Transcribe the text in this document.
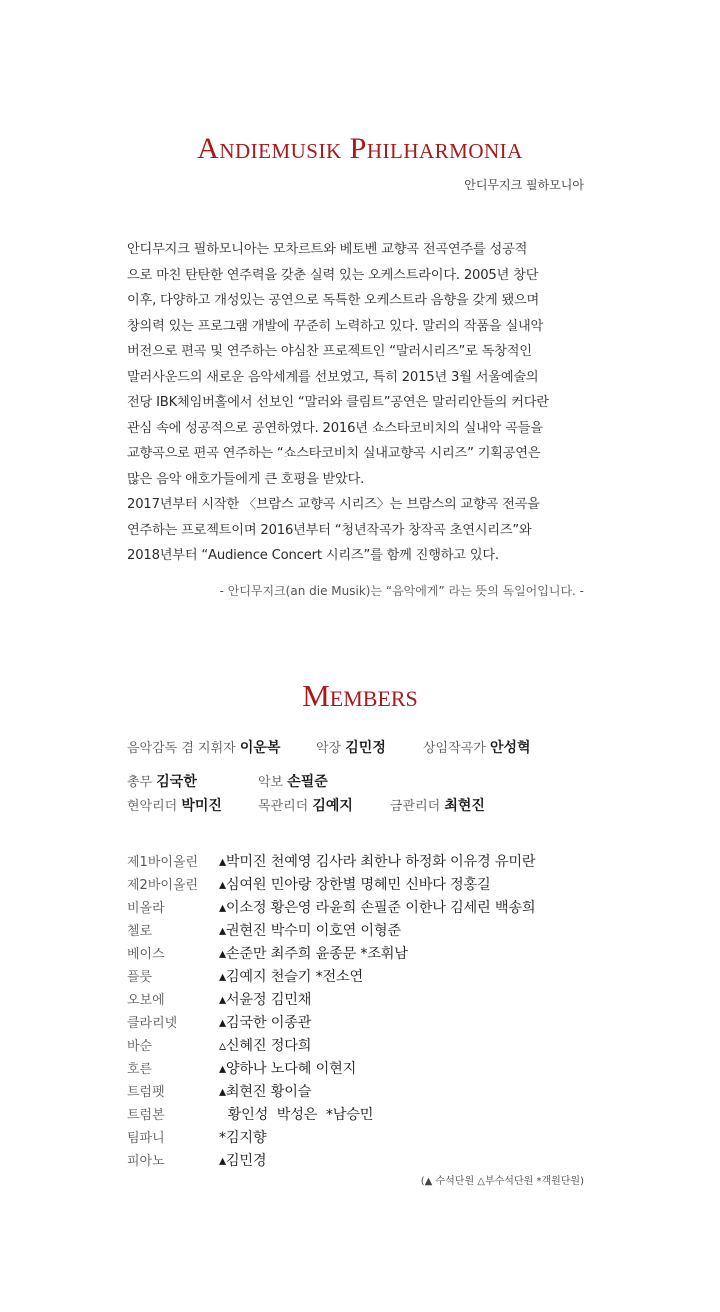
Andiemusik Philharmonia
안디무지크 필하모니아

안디무지크 필하모니아는 모차르트와 베토벤 교향곡 전곡연주를 성공적

으로 마친 탄탄한 연주력을 갖춘 실력 있는 오케스트라이다. 2005년 창단

이후, 다양하고 개성있는 공연으로 독특한 오케스트라 음향을 갖게 됐으며

창의력 있는 프로그램 개발에 꾸준히 노력하고 있다. 말러의 작품을 실내악

버전으로 편곡 및 연주하는 야심찬 프로젝트인 “말러시리즈”로 독창적인

말러사운드의 새로운 음악세계를 선보였고, 특히 2015년 3월 서울예술의

전당 IBK체임버홀에서 선보인 “말러와 클림트”공연은 말러리안들의 커다란

관심 속에 성공적으로 공연하였다. 2016년 쇼스타코비치의 실내악 곡들을

교향곡으로 편곡 연주하는 “쇼스타코비치 실내교향곡 시리즈” 기획공연은

많은 음악 애호가들에게 큰 호평을 받았다.

2017년부터 시작한 〈브람스 교향곡 시리즈〉는 브람스의 교향곡 전곡을

연주하는 프로젝트이며 2016년부터 “청년작곡가 창작곡 초연시리즈”와

2018년부터 “Audience Concert 시리즈”를 함께 진행하고 있다.

- 안디무지크(an die Musik)는 “음악에게” 라는 뜻의 독일어입니다. -
Members
음악감독 겸 지휘자 이운복	악장 김민정	상임작곡가 안성혁
총무 김국한	악보 손필준
현악리더 박미진	목관리더 김예지	금관리더 최현진
제1바이올린	▴박미진 천예영 김사라 최한나 하정화 이유경 유미란
제2바이올린	▴심여원 민아랑 장한별 명혜민 신바다 정홍길
비올라	▴이소정 황은영 라윤희 손필준 이한나 김세린 백송희
첼로	▴권현진 박수미 이호연 이형준
베이스	▴손준만 최주희 윤종문 *조휘남
플룻	▴김예지 천슬기 *전소연
오보에	▴서윤정 김민채
클라리넷	▴김국한 이종관
바순	▵신혜진 정다희
호른	▴양하나 노다혜 이현지
트럼펫	▴최현진 황이슬
트럼본	황인성  박성은  *남승민
팀파니	*김지향
피아노	▴김민경
(▲ 수석단원 △부수석단원 *객원단원)
